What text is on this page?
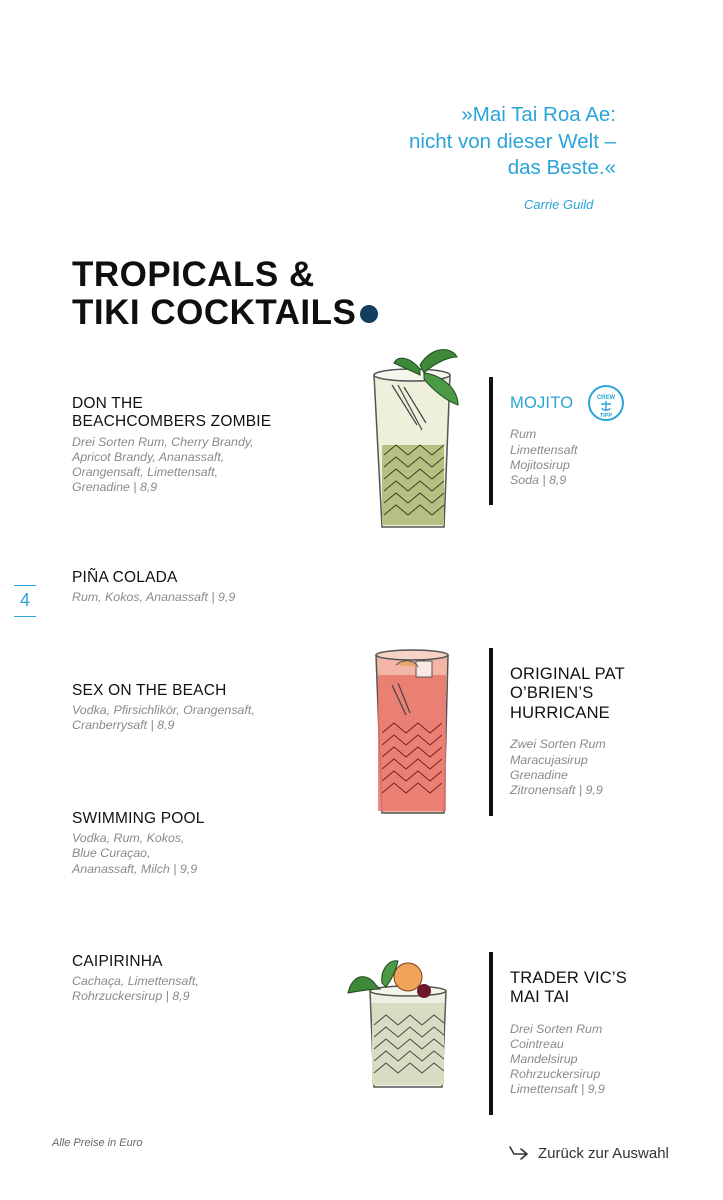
»Mai Tai Roa Ae:
nicht von dieser Welt –
das Beste.«
Carrie Guild
TROPICALS &
TIKI COCKTAILS
4
DON THE
BEACHCOMBERS ZOMBIE
Drei Sorten Rum, Cherry Brandy,
Apricot Brandy, Ananassaft,
Orangensaft, Limettensaft,
Grenadine | 8,9
PIÑA COLADA
Rum, Kokos, Ananassaft | 9,9
SEX ON THE BEACH
Vodka, Pfirsichlikör, Orangensaft,
Cranberrysaft | 8,9
SWIMMING POOL
Vodka, Rum, Kokos,
Blue Curaçao,
Ananassaft, Milch | 9,9
CAIPIRINHA
Cachaça, Limettensaft,
Rohrzuckersirup | 8,9
MOJITO
Rum
Limettensaft
Mojitosirup
Soda | 8,9
CREW
TIPP
ORIGINAL PAT
O’BRIEN’S
HURRICANE
Zwei Sorten Rum
Maracujasirup
Grenadine
Zitronensaft | 9,9
TRADER VIC’S
MAI TAI
Drei Sorten Rum
Cointreau
Mandelsirup
Rohrzuckersirup
Limettensaft | 9,9
Alle Preise in Euro
Zurück zur Auswahl
